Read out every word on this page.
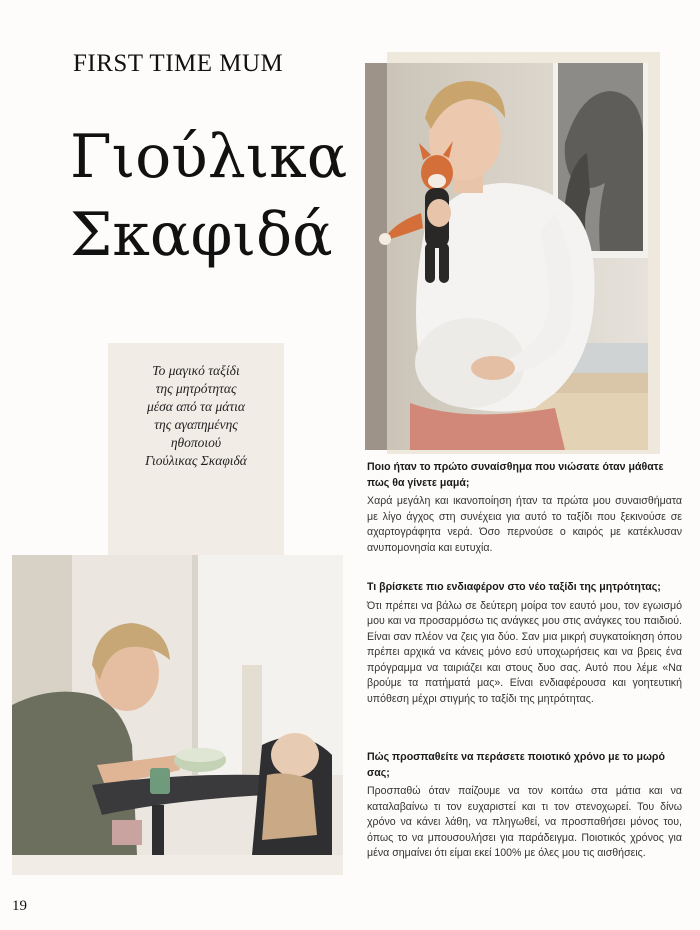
FIRST TIME MUM
Γιούλικα
Σκαφιδά
Το μαγικό ταξίδι
της μητρότητας
μέσα από τα μάτια
της αγαπημένης
ηθοποιού
Γιούλικας Σκαφιδά	Ποιο ήταν το πρώτο συναίσθημα που νιώσατε όταν μάθατε πως θα γίνετε μαμά;
Χαρά μεγάλη και ικανοποίηση ήταν τα πρώτα μου συναισθήματα με λίγο άγχος στη συνέχεια για αυτό το ταξίδι που ξεκινούσε σε αχαρτογράφητα νερά. Όσο περνούσε ο καιρός με κατέκλυσαν ανυπομονησία και ευτυχία.
Τι βρίσκετε πιο ενδιαφέρον στο νέο ταξίδι της μητρότητας;
Ότι πρέπει να βάλω σε δεύτερη μοίρα τον εαυτό μου, τον εγωισμό μου και να προσαρμόσω τις ανάγκες μου στις ανάγκες του παιδιού. Είναι σαν πλέον να ζεις για δύο. Σαν μια μικρή συγκατοίκηση όπου πρέπει αρχικά να κάνεις μόνο εσύ υποχωρήσεις και να βρεις ένα πρόγραμμα να ταιριάζει και στους δυο σας. Αυτό που λέμε «Να βρούμε τα πατήματά μας». Είναι ενδιαφέρουσα και γοητευτική υπόθεση μέχρι στιγμής το ταξίδι της μητρότητας.
Πώς προσπαθείτε να περάσετε ποιοτικό χρόνο με το μωρό σας;
Προσπαθώ όταν παίζουμε να τον κοιτάω στα μάτια και να καταλαβαίνω τι τον ευχαριστεί και τι τον στενοχωρεί. Του δίνω χρόνο να κάνει λάθη, να πληγωθεί, να προσπαθήσει μόνος του, όπως το να μπουσουλήσει για παράδειγμα. Ποιοτικός χρόνος για μένα σημαίνει ότι είμαι εκεί 100% με όλες μου τις αισθήσεις.
19
